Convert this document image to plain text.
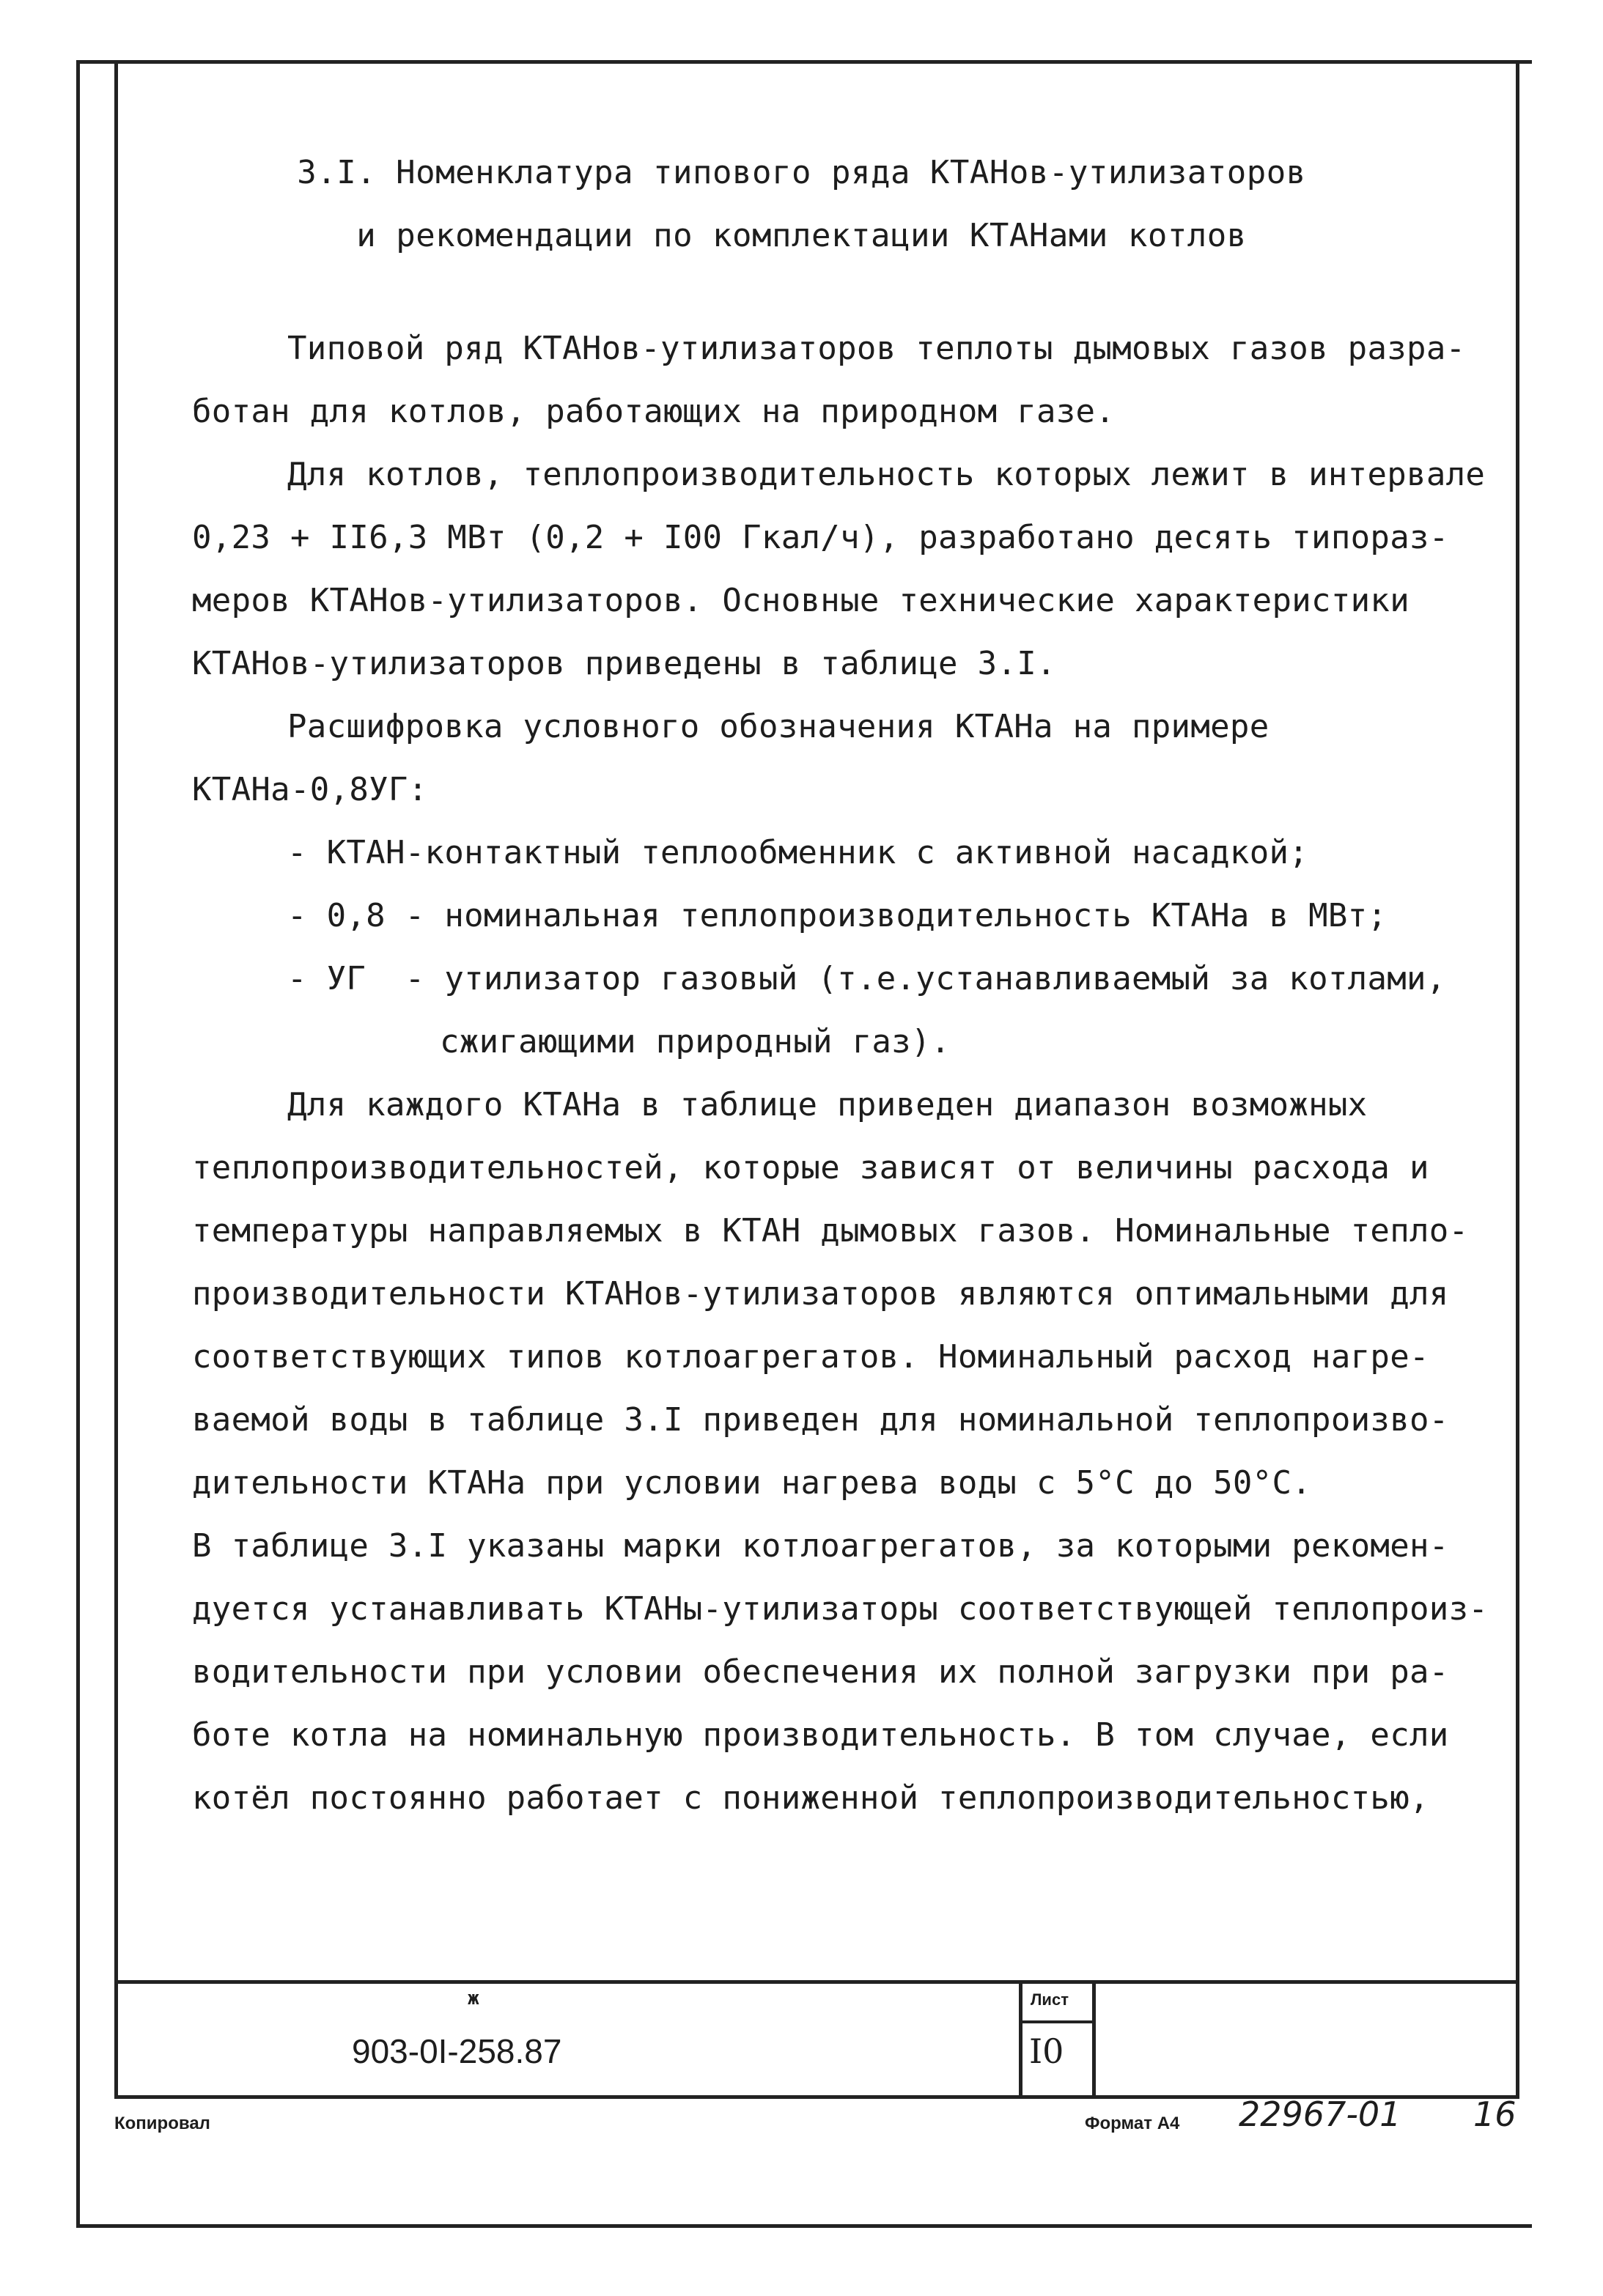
3.I. Номенклатура типового ряда КТАНов-утилизаторов
и рекомендации по комплектации КТАНами котлов
Типовой ряд КТАНов-утилизаторов теплоты дымовых газов разра-
ботан для котлов, работающих на природном газе.
Для котлов, теплопроизводительность которых лежит в интервале
0,23 + II6,3 МВт (0,2 + I00 Гкал/ч), разработано десять типораз-
меров КТАНов-утилизаторов. Основные технические характеристики
КТАНов-утилизаторов приведены в таблице 3.I.
Расшифровка условного обозначения КТАНа на примере
КТАНа-0,8УГ:
- КТАН-контактный теплообменник с активной насадкой;
- 0,8 - номинальная теплопроизводительность КТАНа в МВт;
- УГ  - утилизатор газовый (т.е.устанавливаемый за котлами,
сжигающими природный газ).
Для каждого КТАНа в таблице приведен диапазон возможных
теплопроизводительностей, которые зависят от величины расхода и
температуры направляемых в КТАН дымовых газов. Номинальные тепло-
производительности КТАНов-утилизаторов являются оптимальными для
соответствующих типов котлоагрегатов. Номинальный расход нагре-
ваемой воды в таблице 3.I приведен для номинальной теплопроизво-
дительности КТАНа при условии нагрева воды с 5°С до 50°С.
В таблице 3.I указаны марки котлоагрегатов, за которыми рекомен-
дуется устанавливать КТАНы-утилизаторы соответствующей теплопроиз-
водительности при условии обеспечения их полной загрузки при ра-
боте котла на номинальную производительность. В том случае, если
котёл постоянно работает с пониженной теплопроизводительностью,
ж
903-0I-258.87
Лист
I0
Копировал	Формат А4 22967-01 16
